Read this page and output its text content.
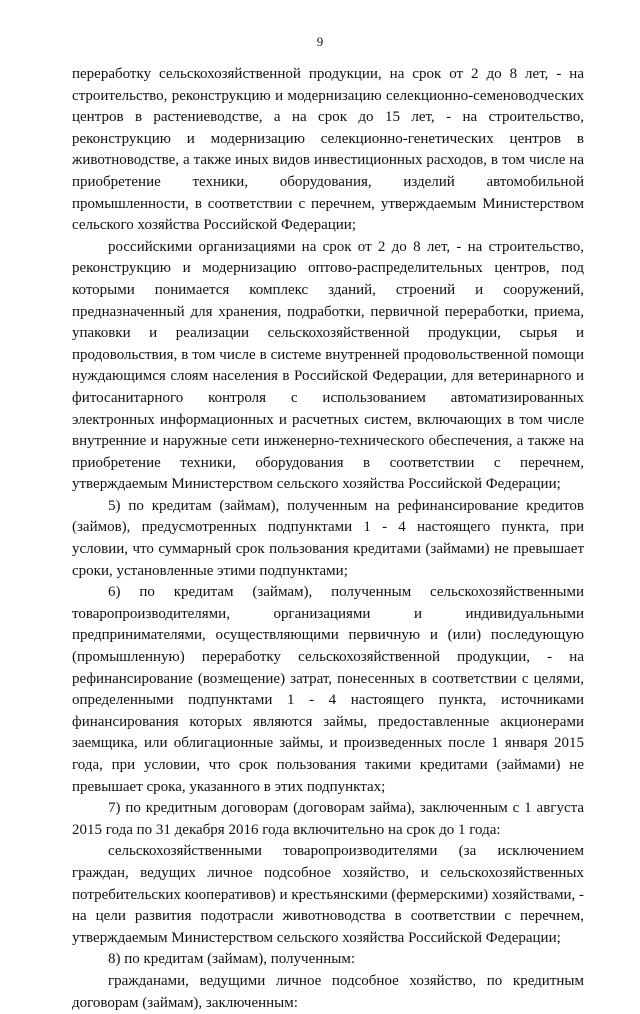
9

переработку сельскохозяйственной продукции, на срок от 2 до 8 лет, - на строительство, реконструкцию и модернизацию селекционно-семеноводческих центров в растениеводстве, а на срок до 15 лет, - на строительство, реконструкцию и модернизацию селекционно-генетических центров в животноводстве, а также иных видов инвестиционных расходов, в том числе на приобретение техники, оборудования, изделий автомобильной промышленности, в соответствии с перечнем, утверждаемым Министерством сельского хозяйства Российской Федерации;

российскими организациями на срок от 2 до 8 лет, - на строительство, реконструкцию и модернизацию оптово-распределительных центров, под которыми понимается комплекс зданий, строений и сооружений, предназначенный для хранения, подработки, первичной переработки, приема, упаковки и реализации сельскохозяйственной продукции, сырья и продовольствия, в том числе в системе внутренней продовольственной помощи нуждающимся слоям населения в Российской Федерации, для ветеринарного и фитосанитарного контроля с использованием автоматизированных электронных информационных и расчетных систем, включающих в том числе внутренние и наружные сети инженерно-технического обеспечения, а также на приобретение техники, оборудования в соответствии с перечнем, утверждаемым Министерством сельского хозяйства Российской Федерации;

5) по кредитам (займам), полученным на рефинансирование кредитов (займов), предусмотренных подпунктами 1 - 4 настоящего пункта, при условии, что суммарный срок пользования кредитами (займами) не превышает сроки, установленные этими подпунктами;

6) по кредитам (займам), полученным сельскохозяйственными товаропроизводителями, организациями и индивидуальными предпринимателями, осуществляющими первичную и (или) последующую (промышленную) переработку сельскохозяйственной продукции, - на рефинансирование (возмещение) затрат, понесенных в соответствии с целями, определенными подпунктами 1 - 4 настоящего пункта, источниками финансирования которых являются займы, предоставленные акционерами заемщика, или облигационные займы, и произведенных после 1 января 2015 года, при условии, что срок пользования такими кредитами (займами) не превышает срока, указанного в этих подпунктах;

7) по кредитным договорам (договорам займа), заключенным с 1 августа 2015 года по 31 декабря 2016 года включительно на срок до 1 года:

сельскохозяйственными товаропроизводителями (за исключением граждан, ведущих личное подсобное хозяйство, и сельскохозяйственных потребительских кооперативов) и крестьянскими (фермерскими) хозяйствами, - на цели развития подотрасли животноводства в соответствии с перечнем, утверждаемым Министерством сельского хозяйства Российской Федерации;

8) по кредитам (займам), полученным:

гражданами, ведущими личное подсобное хозяйство, по кредитным договорам (займам), заключенным:
